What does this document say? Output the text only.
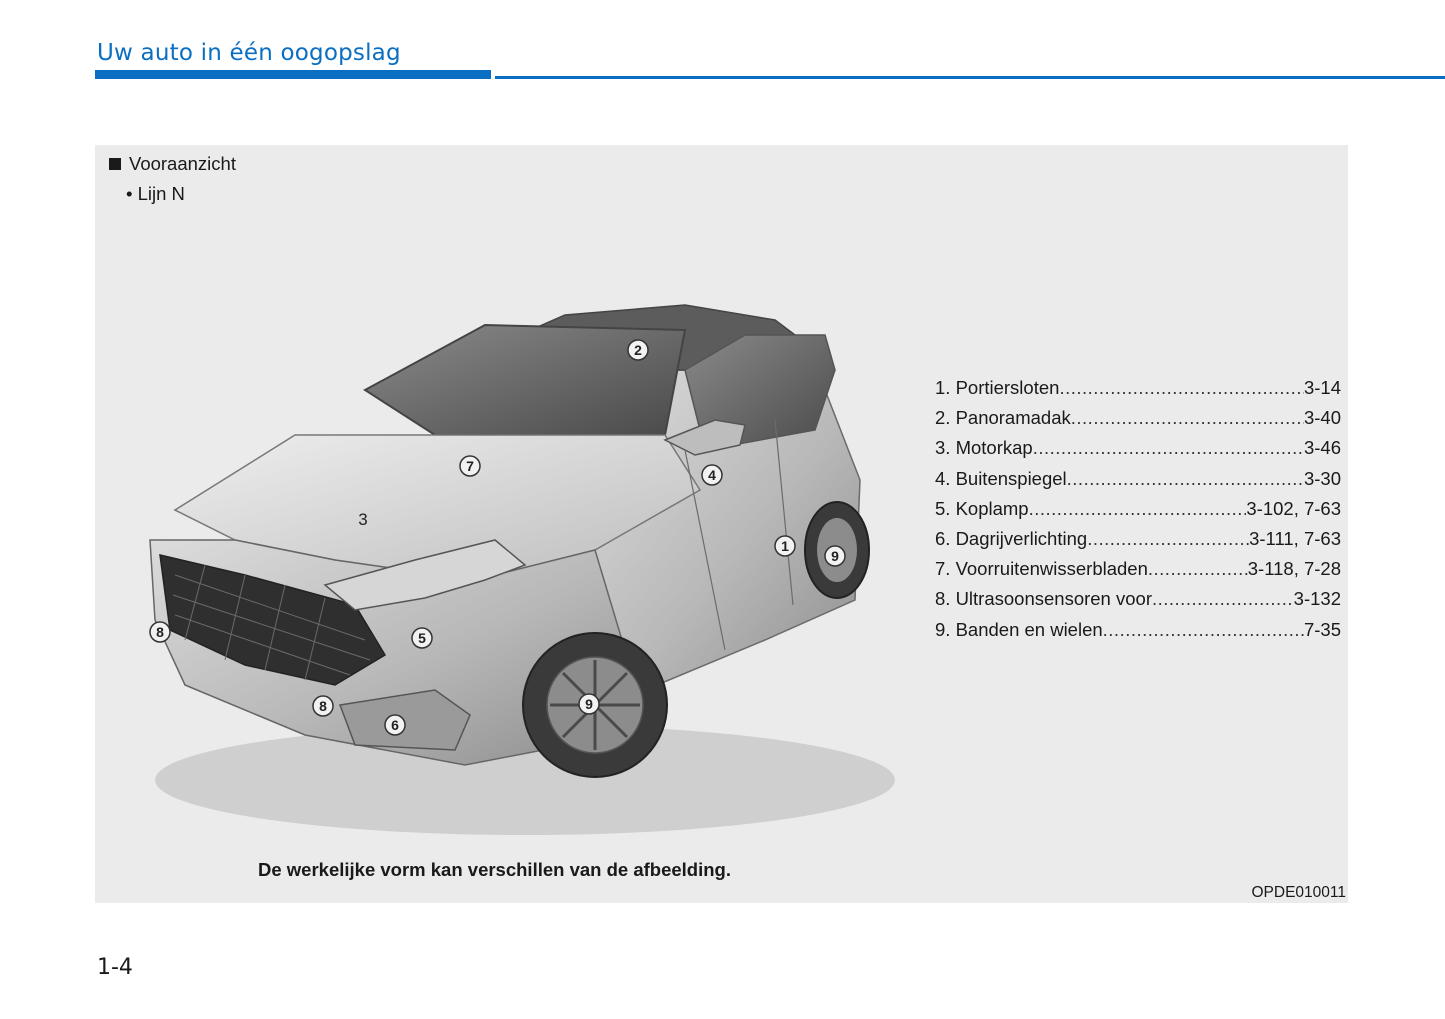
Uw auto in één oogopslag
Vooraanzicht
• Lijn N
1
2
3
4
5
6
7
8
8	9
9
1. Portiersloten .....	3-14
2. Panoramadak .....	3-40
3. Motorkap .....	3-46
4. Buitenspiegel .....	3-30
5. Koplamp .....	3-102, 7-63
6. Dagrijverlichting .....	3-111, 7-63
7. Voorruitenwisserbladen .....	3-118, 7-28
8. Ultrasoonsensoren voor .....	3-132
9. Banden en wielen .....	7-35
De werkelijke vorm kan verschillen van de afbeelding.
OPDE010011
1-4
